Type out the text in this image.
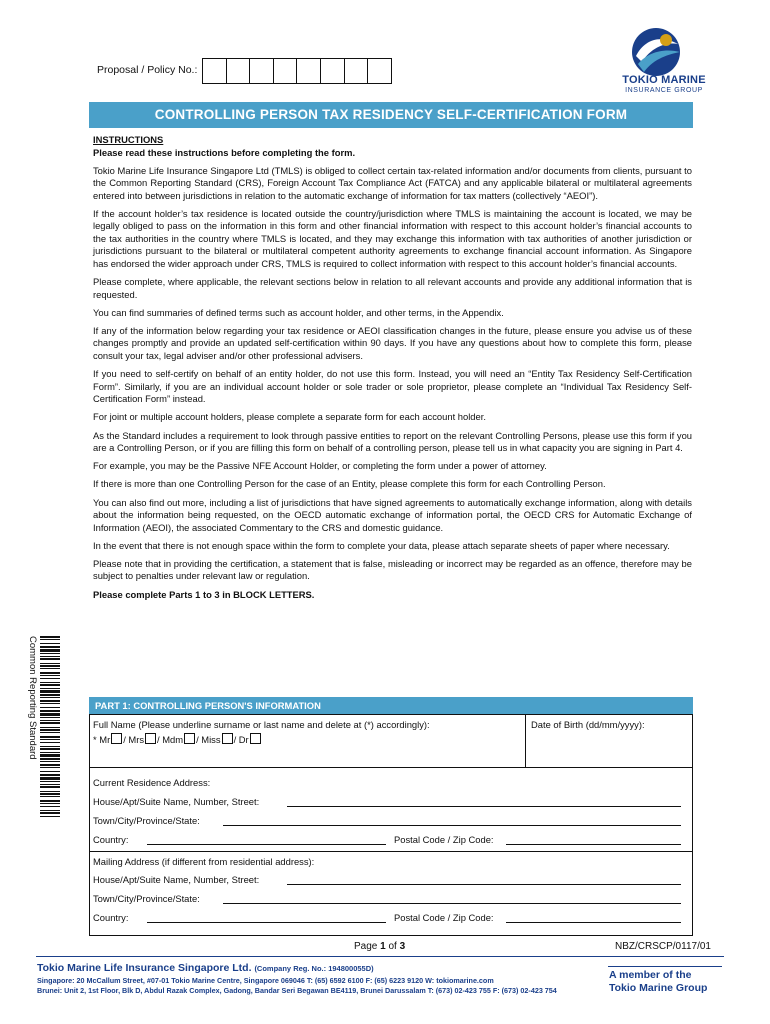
Proposal / Policy No.:
TOKIO MARINE
INSURANCE GROUP
CONTROLLING PERSON TAX RESIDENCY SELF-CERTIFICATION FORM
INSTRUCTIONS

Please read these instructions before completing the form.

Tokio Marine Life Insurance Singapore Ltd (TMLS) is obliged to collect certain tax-related information and/or documents from clients, pursuant to the Common Reporting Standard (CRS), Foreign Account Tax Compliance Act (FATCA) and any applicable bilateral or multilateral agreements entered into between jurisdictions in relation to the automatic exchange of information for tax matters (collectively “AEOI”).

If the account holder’s tax residence is located outside the country/jurisdiction where TMLS is maintaining the account is located, we may be legally obliged to pass on the information in this form and other financial information with respect to this account holder’s financial accounts to the tax authorities in the country where TMLS is located, and they may exchange this information with tax authorities of another jurisdiction or jurisdictions pursuant to the bilateral or multilateral competent authority agreements to exchange financial account information. As Singapore has endorsed the wider approach under CRS, TMLS is required to collect information with respect to this account holder’s financial accounts.

Please complete, where applicable, the relevant sections below in relation to all relevant accounts and provide any additional information that is requested.

You can find summaries of defined terms such as account holder, and other terms, in the Appendix.

If any of the information below regarding your tax residence or AEOI classification changes in the future, please ensure you advise us of these changes promptly and provide an updated self-certification within 90 days. If you have any questions about how to complete this form, please consult your tax, legal adviser and/or other professional advisers.

If you need to self-certify on behalf of an entity holder, do not use this form. Instead, you will need an “Entity Tax Residency Self-Certification Form”. Similarly, if you are an individual account holder or sole trader or sole proprietor, please complete an “Individual Tax Residency Self-Certification Form” instead.

For joint or multiple account holders, please complete a separate form for each account holder.

As the Standard includes a requirement to look through passive entities to report on the relevant Controlling Persons, please use this form if you are a Controlling Person, or if you are filling this form on behalf of a controlling person, please tell us in what capacity you are signing in Part 4.

For example, you may be the Passive NFE Account Holder, or completing the form under a power of attorney.

If there is more than one Controlling Person for the case of an Entity, please complete this form for each Controlling Person.

You can also find out more, including a list of jurisdictions that have signed agreements to automatically exchange information, along with details about the information being requested, on the OECD automatic exchange of information portal, the OECD CRS for Automatic Exchange of Information (AEOI), the associated Commentary to the CRS and domestic guidance.

In the event that there is not enough space within the form to complete your data, please attach separate sheets of paper where necessary.

Please note that in providing the certification, a statement that is false, misleading or incorrect may be regarded as an offence, therefore may be subject to penalties under relevant law or regulation.

Please complete Parts 1 to 3 in BLOCK LETTERS.

Common Reporting Standard	PART 1: CONTROLLING PERSON'S INFORMATION
Full Name (Please underline surname or last name and delete at (*) accordingly):
* Mr / Mrs / Mdm / Miss / Dr
Date of Birth (dd/mm/yyyy):
Current Residence Address:
House/Apt/Suite Name, Number, Street:
Town/City/Province/State:
Country:	Postal Code / Zip Code:
Mailing Address (if different from residential address):
House/Apt/Suite Name, Number, Street:
Town/City/Province/State:
Country:	Postal Code / Zip Code:
Page 1 of 3	NBZ/CRSCP/0117/01
Tokio Marine Life Insurance Singapore Ltd. (Company Reg. No.: 194800055D)
Singapore: 20 McCallum Street, #07-01 Tokio Marine Centre, Singapore 069046 T: (65) 6592 6100 F: (65) 6223 9120 W: tokiomarine.com
Brunei: Unit 2, 1st Floor, Blk D, Abdul Razak Complex, Gadong, Bandar Seri Begawan BE4119, Brunei Darussalam T: (673) 02-423 755 F: (673) 02-423 754
A member of the
Tokio Marine Group
